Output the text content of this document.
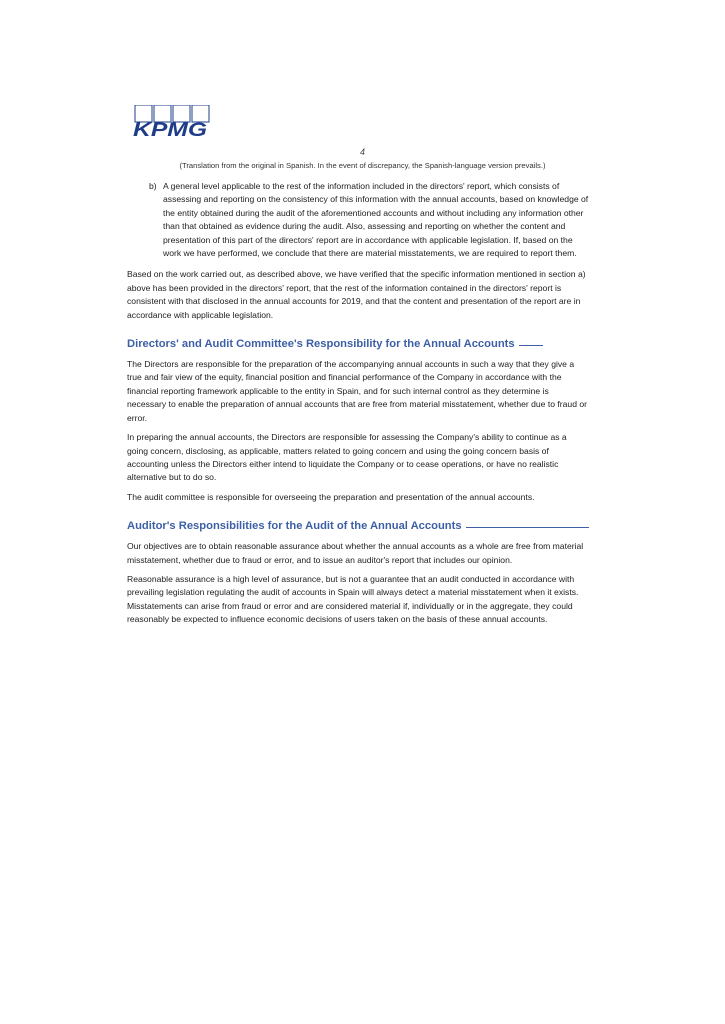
KPMG
4
(Translation from the original in Spanish. In the event of discrepancy, the Spanish-language version prevails.)
b) A general level applicable to the rest of the information included in the directors' report, which consists of assessing and reporting on the consistency of this information with the annual accounts, based on knowledge of the entity obtained during the audit of the aforementioned accounts and without including any information other than that obtained as evidence during the audit. Also, assessing and reporting on whether the content and presentation of this part of the directors' report are in accordance with applicable legislation. If, based on the work we have performed, we conclude that there are material misstatements, we are required to report them.

Based on the work carried out, as described above, we have verified that the specific information mentioned in section a) above has been provided in the directors' report, that the rest of the information contained in the directors' report is consistent with that disclosed in the annual accounts for 2019, and that the content and presentation of the report are in accordance with applicable legislation.

Directors' and Audit Committee's Responsibility for the Annual Accounts

The Directors are responsible for the preparation of the accompanying annual accounts in such a way that they give a true and fair view of the equity, financial position and financial performance of the Company in accordance with the financial reporting framework applicable to the entity in Spain, and for such internal control as they determine is necessary to enable the preparation of annual accounts that are free from material misstatement, whether due to fraud or error.

In preparing the annual accounts, the Directors are responsible for assessing the Company's ability to continue as a going concern, disclosing, as applicable, matters related to going concern and using the going concern basis of accounting unless the Directors either intend to liquidate the Company or to cease operations, or have no realistic alternative but to do so.

The audit committee is responsible for overseeing the preparation and presentation of the annual accounts.

Auditor's Responsibilities for the Audit of the Annual Accounts

Our objectives are to obtain reasonable assurance about whether the annual accounts as a whole are free from material misstatement, whether due to fraud or error, and to issue an auditor's report that includes our opinion.

Reasonable assurance is a high level of assurance, but is not a guarantee that an audit conducted in accordance with prevailing legislation regulating the audit of accounts in Spain will always detect a material misstatement when it exists. Misstatements can arise from fraud or error and are considered material if, individually or in the aggregate, they could reasonably be expected to influence economic decisions of users taken on the basis of these annual accounts.
